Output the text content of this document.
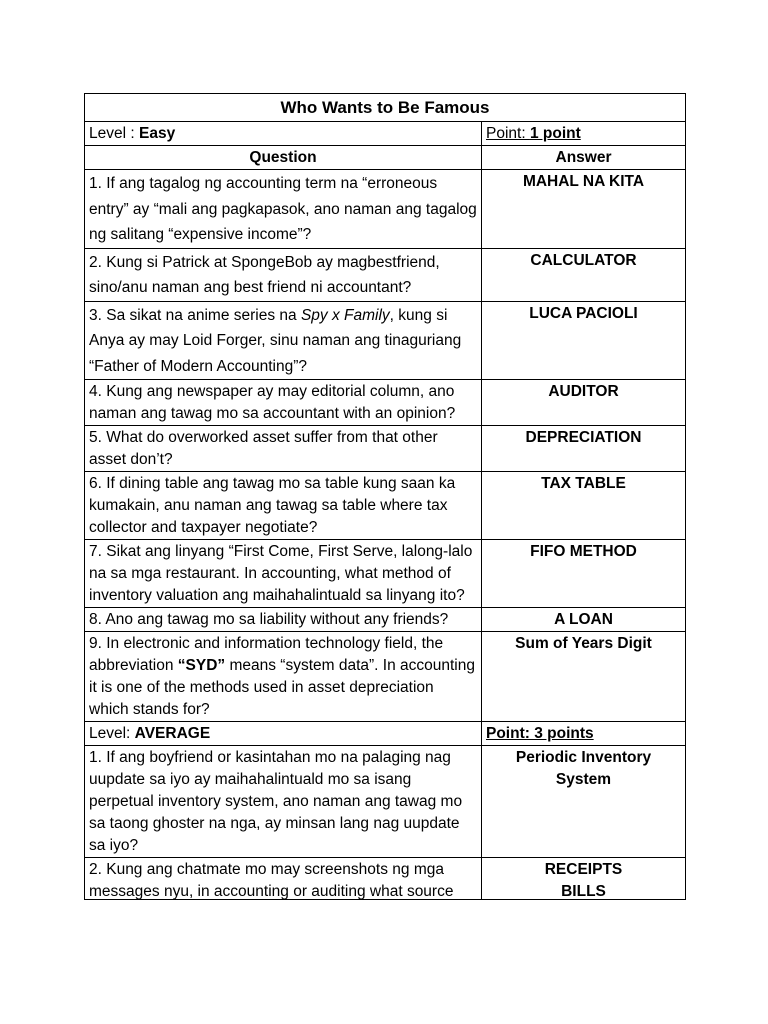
Who Wants to Be Famous	
Level : Easy	Point: 1 point
Question	Answer
1. If ang tagalog ng accounting term na “erroneous entry” ay “mali ang pagkapasok, ano naman ang tagalog ng salitang “expensive income”?	MAHAL NA KITA
2. Kung si Patrick at SpongeBob ay magbestfriend, sino/anu naman ang best friend ni accountant?	CALCULATOR
3. Sa sikat na anime series na Spy x Family, kung si Anya ay may Loid Forger, sinu naman ang tinaguriang “Father of Modern Accounting”?	LUCA PACIOLI
4. Kung ang newspaper ay may editorial column, ano naman ang tawag mo sa accountant with an opinion?	AUDITOR
5. What do overworked asset suffer from that other asset don’t?	DEPRECIATION
6. If dining table ang tawag mo sa table kung saan ka kumakain, anu naman ang tawag sa table where tax collector and taxpayer negotiate?	TAX TABLE
7. Sikat ang linyang “First Come, First Serve, lalong-lalo na sa mga restaurant. In accounting, what method of inventory valuation ang maihahalintuald sa linyang ito?	FIFO METHOD
8. Ano ang tawag mo sa liability without any friends?	A LOAN
9. In electronic and information technology field, the abbreviation “SYD” means “system data”. In accounting it is one of the methods used in asset depreciation which stands for?	Sum of Years Digit
Level: AVERAGE	Point: 3 points
1. If ang boyfriend or kasintahan mo na palaging nag uupdate sa iyo ay maihahalintuald mo sa isang perpetual inventory system, ano naman ang tawag mo sa taong ghoster na nga, ay minsan lang nag uupdate sa iyo?	Periodic Inventory
System

2. Kung ang chatmate mo may screenshots ng mga messages nyu, in accounting or auditing what source	RECEIPTS
BILLS
